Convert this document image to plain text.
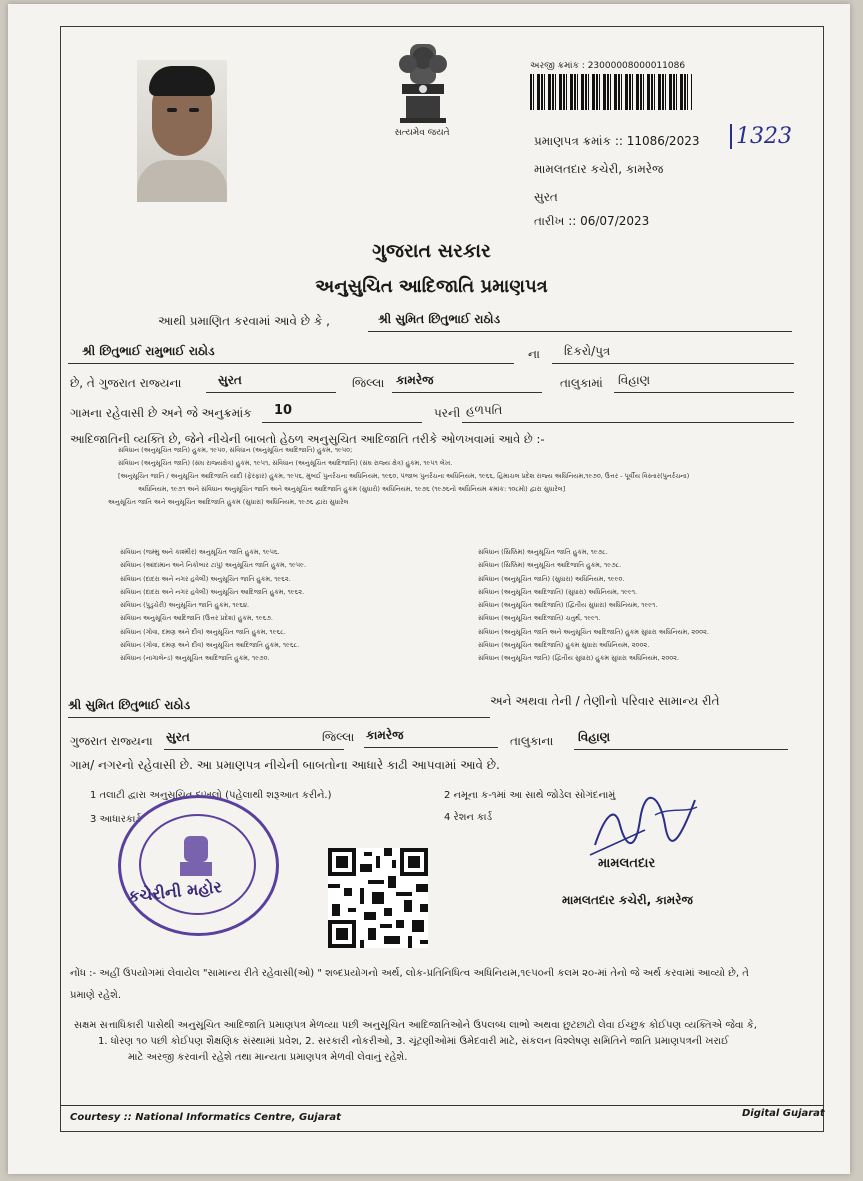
સત્યમેવ જયતે
અરજી ક્રમાંક : 23000008000011086
પ્રમાણપત્ર ક્રમાંક :: 11086/2023 1323
મામલતદાર કચેરી, કામરેજ
સુરત
તારીખ :: 06/07/2023
ગુજરાત સરકાર
અનુસુચિત આદિજાતિ પ્રમાણપત્ર
આથી પ્રમાણિત કરવામાં આવે છે કે ,	શ્રી સુમિત છિતુભાઈ રાઠોડ
શ્રી છિતુભાઈ રામુભાઈ રાઠોડ	ના	દિકરો/પુત્ર
છે, તે ગુજરાત રાજ્યના	સુરત	જિલ્લા કામરેજ	તાલુકામાં	વિહાણ
ગામના રહેવાસી છે અને જે અનુક્રમાંક	10	પરની હળપતિ
આદિજાતિની વ્યક્તિ છે, જેને નીચેની બાબતો હેઠળ અનુસુચિત આદિજાતિ તરીકે ઓળખવામાં આવે છે :-
સંવિધાન (અનુસૂચિત જાતિ) હુકમ, ૧૯૫૦, સંવિધાન (અનુસૂચિત આદિજાતિ) હુકમ, ૧૯૫૦;
સંવિધાન (અનુસૂચિત જાતિ) (સંઘ રાજ્યક્ષેત્ર) હુકમ, ૧૯૫૧, સંવિધાન (અનુસૂચિત આદિજાતિ) (સંઘ રાજ્ય ક્ષેત્ર) હુકમ, ૧૯૫૧ લેખ.
[અનુસૂચિત જાતિ / અનુસૂચિત આદિજાતિ યાદી (ફેરફાર) હુકમ, ૧૯૫૬, મુંબઈ પુનર્રચના અધિનિયમ, ૧૯૬૦, પંજાબ પુનર્રચના અધિનિયમ, ૧૯૬૬, હિમાચલ પ્રદેશ રાજ્ય અધિનિયમ,૧૯૭૦, ઉત્તર - પૂર્વીય વિસ્તાર(પુનર્રચના)
અધિનિયમ, ૧૯૭૧ અને સંવિધાન અનુસૂચિત જાતિ અને અનુસૂચિત આદિજાતિ હુકમ (સુધારો) અધિનિયમ, ૧૯૭૬ (૧૯૭૬નો અધિનિયમ ક્રમાંક: ૧૦૮મો) દ્વારા સુધારેલ]
અનુસૂચિત જાતિ અને અનુસૂચિત આદિજાતિ હુકમ (સુધારા) અધિનિયમ, ૧૯૭૬ દ્વારા સુધારેલ
સંવિધાન (જમ્મુ અને કાશ્મીર) અનુસૂચિત જાતિ હુકમ, ૧૯૫૬.
સંવિધાન (આંદામાન અને નિકોબાર ટાપુ) અનુસૂચિત જાતિ હુકમ, ૧૯૫૯.
સંવિધાન (દાદરા અને નગર હવેલી) અનુસૂચિત જાતિ હુકમ, ૧૯૬૨.
સંવિધાન (દાદરા અને નગર હવેલી) અનુસૂચિત આદિજાતિ હુકમ, ૧૯૬૨.
સંવિધાન (પુડુચેરી) અનુસૂચિત જાતિ હુકમ, ૧૯૬૪.
સંવિધાન અનુસૂચિત આદિજાતિ (ઉત્તર પ્રદેશ) હુકમ, ૧૯૬૭.
સંવિધાન (ગોવા, દમણ અને દીવ) અનુસૂચિત જાતિ હુકમ, ૧૯૬૮.
સંવિધાન (ગોવા, દમણ અને દીવ) અનુસૂચિત આદિજાતિ હુકમ, ૧૯૬૮.
સંવિધાન (નાગાલેન્ડ) અનુસૂચિત આદિજાતિ હુકમ, ૧૯૭૦.
સંવિધાન (સિક્કિમ) અનુસૂચિત જાતિ હુકમ, ૧૯૭૮.
સંવિધાન (સિક્કિમ) અનુસૂચિત આદિજાતિ હુકમ, ૧૯૭૮.
સંવિધાન (અનુસૂચિત જાતિ) (સુધારા) અધિનિયમ, ૧૯૯૦.
સંવિધાન (અનુસૂચિત આદિજાતિ) (સુધારા) અધિનિયમ, ૧૯૯૧.
સંવિધાન (અનુસૂચિત આદિજાતિ) (દ્વિતીય સુધારા) અધિનિયમ, ૧૯૯૧.
સંવિધાન (અનુસૂચિત આદિજાતિ) ચતુર્થ, ૧૯૯૧.
સંવિધાન (અનુસૂચિત જાતિ અને અનુસૂચિત આદિજાતિ) હુકમ સુધારા અધિનિયમ, ૨૦૦૨.
સંવિધાન (અનુસૂચિત આદિજાતિ) હુકમ સુધારા અધિનિયમ, ૨૦૦૨.
સંવિધાન (અનુસૂચિત જાતિ) (દ્વિતીય સુધારા) હુકમ સુધારા અધિનિયમ, ૨૦૦૨.
શ્રી સુમિત છિતુભાઈ રાઠોડ	અને અથવા તેની / તેણીનો પરિવાર સામાન્ય રીતે
ગુજરાત રાજ્યના સુરત	જિલ્લા કામરેજ	તાલુકાના	વિહાણ
ગામ/ નગરનો રહેવાસી છે. આ પ્રમાણપત્ર નીચેની બાબતોના આધારે કાઢી આપવામાં આવે છે.
1 તલાટી દ્વારા અનુસૂચિત દાખલો (પહેલાથી શરૂઆત કરીને.)	2 નમૂના ક-૧માં આ સાથે જોડેલ સોગંદનામું
3 આધારકાર્ડ	4 રેશન કાર્ડ
કચેરીની મહોર
મામલતદાર
મામલતદાર કચેરી, કામરેજ
નોંધ :- અહીં ઉપયોગમાં લેવાયેલ "સામાન્ય રીતે રહેવાસી(ઓ) " શબ્દપ્રયોગનો અર્થ, લોક-પ્રતિનિધિત્વ અધિનિયમ,૧૯૫૦ની કલમ ૨૦-માં તેનો જે અર્થ કરવામાં આવ્યો છે, તે
પ્રમાણે રહેશે.
સક્ષમ સત્તાધિકારી પાસેથી અનુસૂચિત આદિજાતિ પ્રમાણપત્ર મેળવ્યા પછી અનુસૂચિત આદિજાતિઓને ઉપલબ્ધ લાભો અથવા છુટછાટો લેવા ઈચ્છુક કોઈપણ વ્યક્તિએ જેવા કે,
1. ધોરણ ૧૦ પછી કોઈપણ શૈક્ષણિક સંસ્થામાં પ્રવેશ, 2. સરકારી નોકરીઓ, 3. ચૂંટણીઓમાં ઉમેદવારી માટે, સંકલન વિશ્લેષણ સમિતિને જાતિ પ્રમાણપત્રની ખરાઈ
માટે અરજી કરવાની રહેશે તથા માન્યતા પ્રમાણપત્ર મેળવી લેવાનું રહેશે.
Courtesy :: National Informatics Centre, Gujarat	Digital Gujarat
